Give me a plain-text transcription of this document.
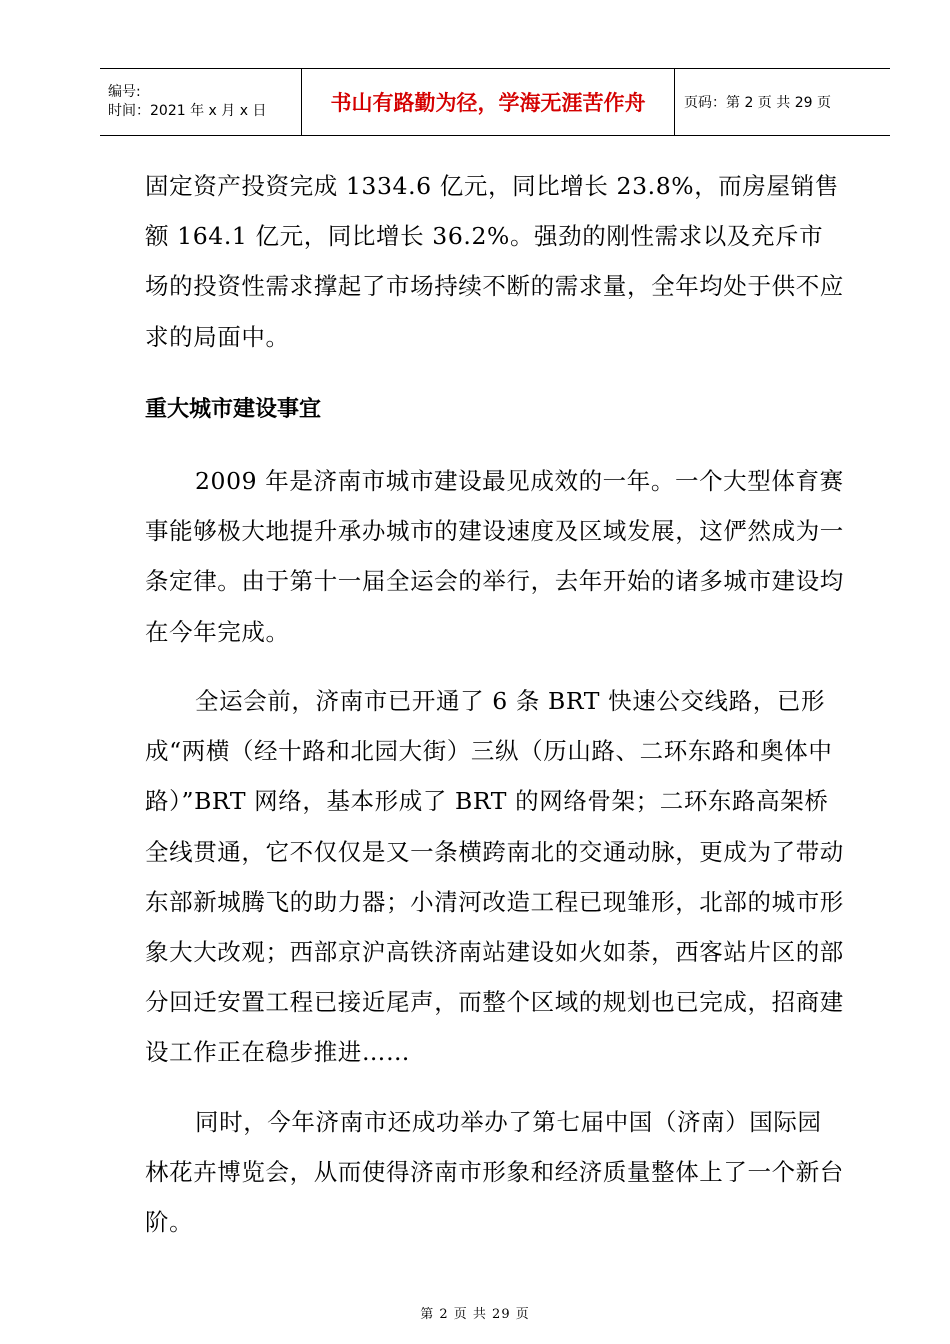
编号:
时间：2021 年 x 月 x 日	书山有路勤为径，学海无涯苦作舟	页码：第 2 页 共 29 页

固定资产投资完成 1334.6 亿元，同比增长 23.8%，而房屋销售额 164.1 亿元，同比增长 36.2%。强劲的刚性需求以及充斥市场的投资性需求撑起了市场持续不断的需求量，全年均处于供不应求的局面中。

重大城市建设事宜

2009 年是济南市城市建设最见成效的一年。一个大型体育赛事能够极大地提升承办城市的建设速度及区域发展，这俨然成为一条定律。由于第十一届全运会的举行，去年开始的诸多城市建设均在今年完成。

全运会前，济南市已开通了 6 条 BRT 快速公交线路，已形成“两横（经十路和北园大街）三纵（历山路、二环东路和奥体中路）”BRT 网络，基本形成了 BRT 的网络骨架；二环东路高架桥全线贯通，它不仅仅是又一条横跨南北的交通动脉，更成为了带动东部新城腾飞的助力器；小清河改造工程已现雏形，北部的城市形象大大改观；西部京沪高铁济南站建设如火如荼，西客站片区的部分回迁安置工程已接近尾声，而整个区域的规划也已完成，招商建设工作正在稳步推进……

同时，今年济南市还成功举办了第七届中国（济南）国际园林花卉博览会，从而使得济南市形象和经济质量整体上了一个新台阶。

第 2 页 共 29 页
